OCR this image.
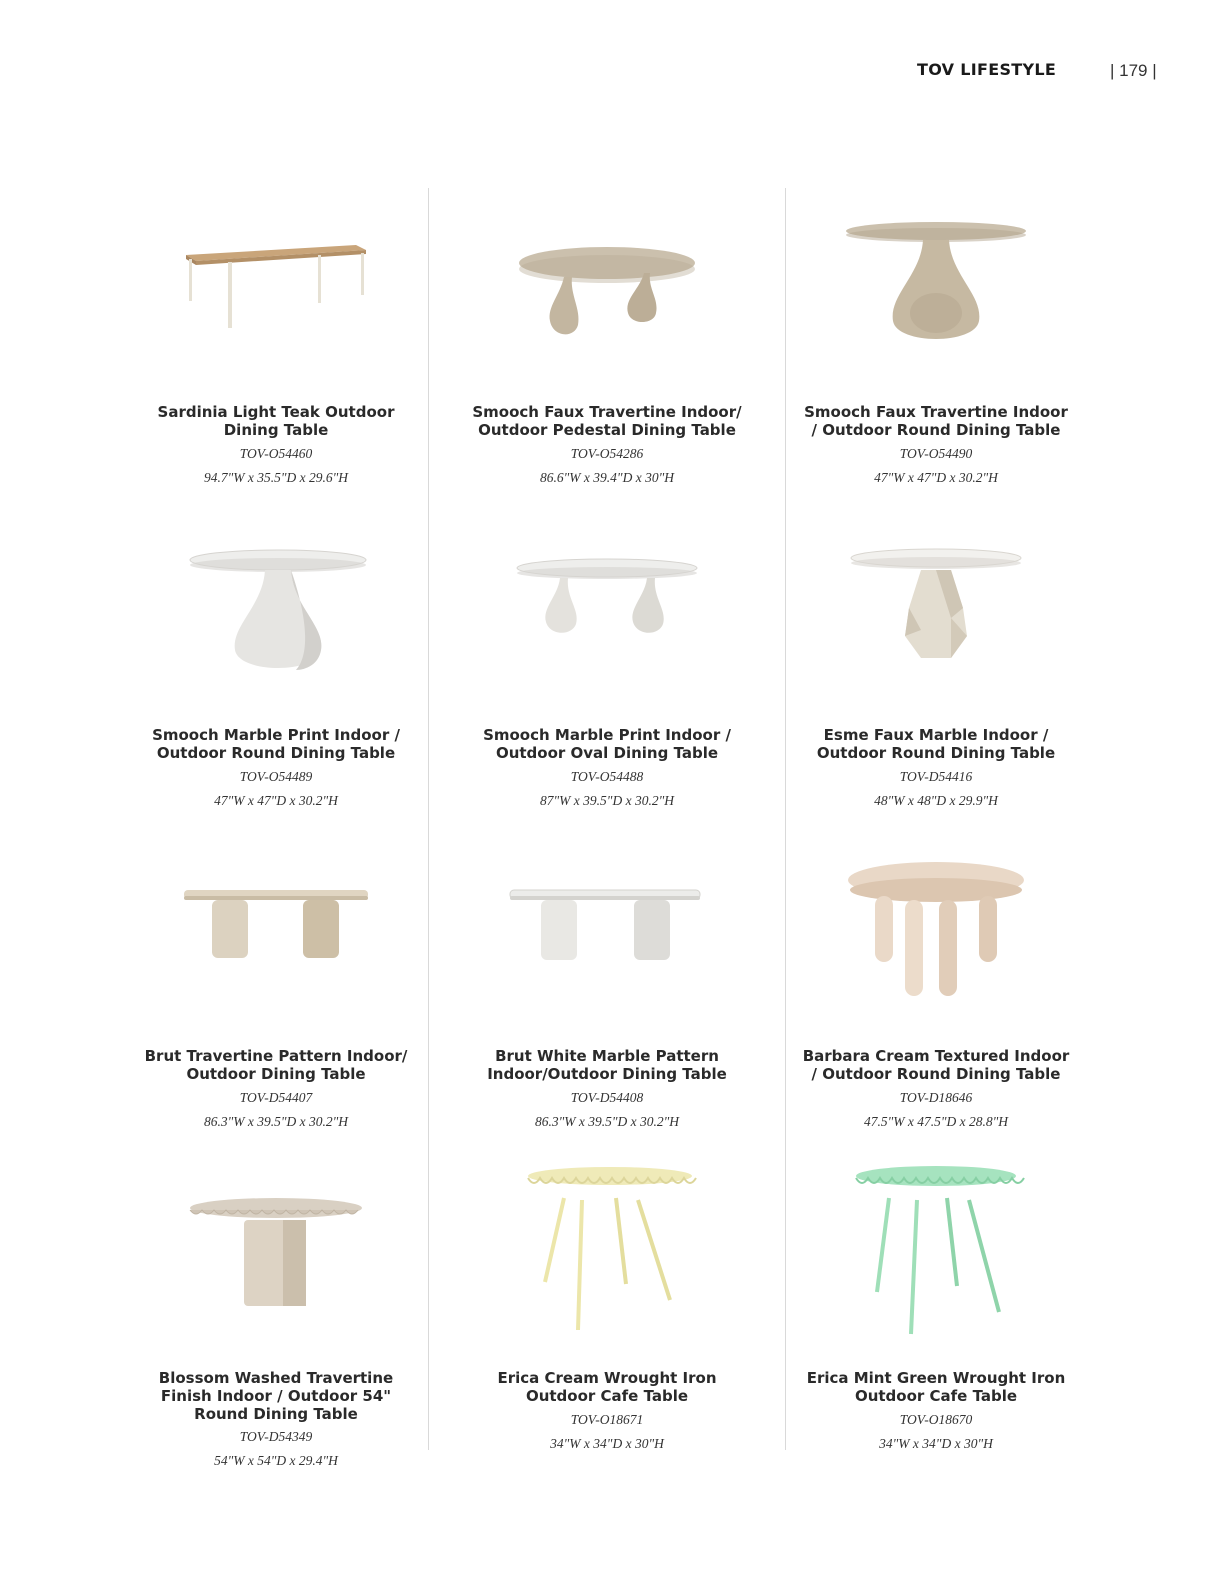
TOV LIFESTYLE	| 179 |
Sardinia Light Teak Outdoor
Dining Table
TOV-O54460
94.7"W x 35.5"D x 29.6"H
Smooch Faux Travertine Indoor/
Outdoor Pedestal Dining Table
TOV-O54286
86.6"W x 39.4"D x 30"H
Smooch Faux Travertine Indoor
/ Outdoor Round Dining Table
TOV-O54490
47"W x 47"D x 30.2"H
Smooch Marble Print Indoor /
Outdoor Round Dining Table
TOV-O54489
47"W x 47"D x 30.2"H
Smooch Marble Print Indoor /
Outdoor Oval Dining Table
TOV-O54488
87"W x 39.5"D x 30.2"H
Esme Faux Marble Indoor /
Outdoor Round Dining Table
TOV-D54416
48"W x 48"D x 29.9"H
Brut Travertine Pattern Indoor/
Outdoor Dining Table
TOV-D54407
86.3"W x 39.5"D x 30.2"H
Brut White Marble Pattern
Indoor/Outdoor Dining Table
TOV-D54408
86.3"W x 39.5"D x 30.2"H
Barbara Cream Textured Indoor
/ Outdoor Round Dining Table
TOV-D18646
47.5"W x 47.5"D x 28.8"H
Blossom Washed Travertine
Finish Indoor / Outdoor 54"
Round Dining Table
TOV-D54349
54"W x 54"D x 29.4"H
Erica Cream Wrought Iron
Outdoor Cafe Table
TOV-O18671
34"W x 34"D x 30"H
Erica Mint Green Wrought Iron
Outdoor Cafe Table
TOV-O18670
34"W x 34"D x 30"H
